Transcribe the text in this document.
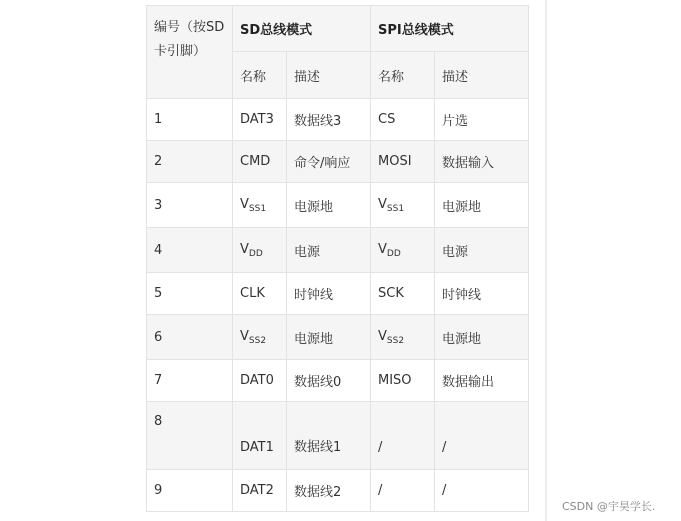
编号（按SD卡引脚）	SD总线模式		SPI总线模式	
	名称	描述	名称	描述
1	DAT3	数据线3	CS	片选
2	CMD	命令/响应	MOSI	数据输入
3	$V_{SS1}$	电源地	$V_{SS1}$	电源地
4	$V_{DD}$	电源	$V_{DD}$	电源
5	CLK	时钟线	SCK	时钟线
6	$V_{SS2}$	电源地	$V_{SS2}$	电源地
7	DAT0	数据线0	MISO	数据输出
8	DAT1	数据线1	/	/
9	DAT2	数据线2	/	/
CSDN @宇昊学长.
